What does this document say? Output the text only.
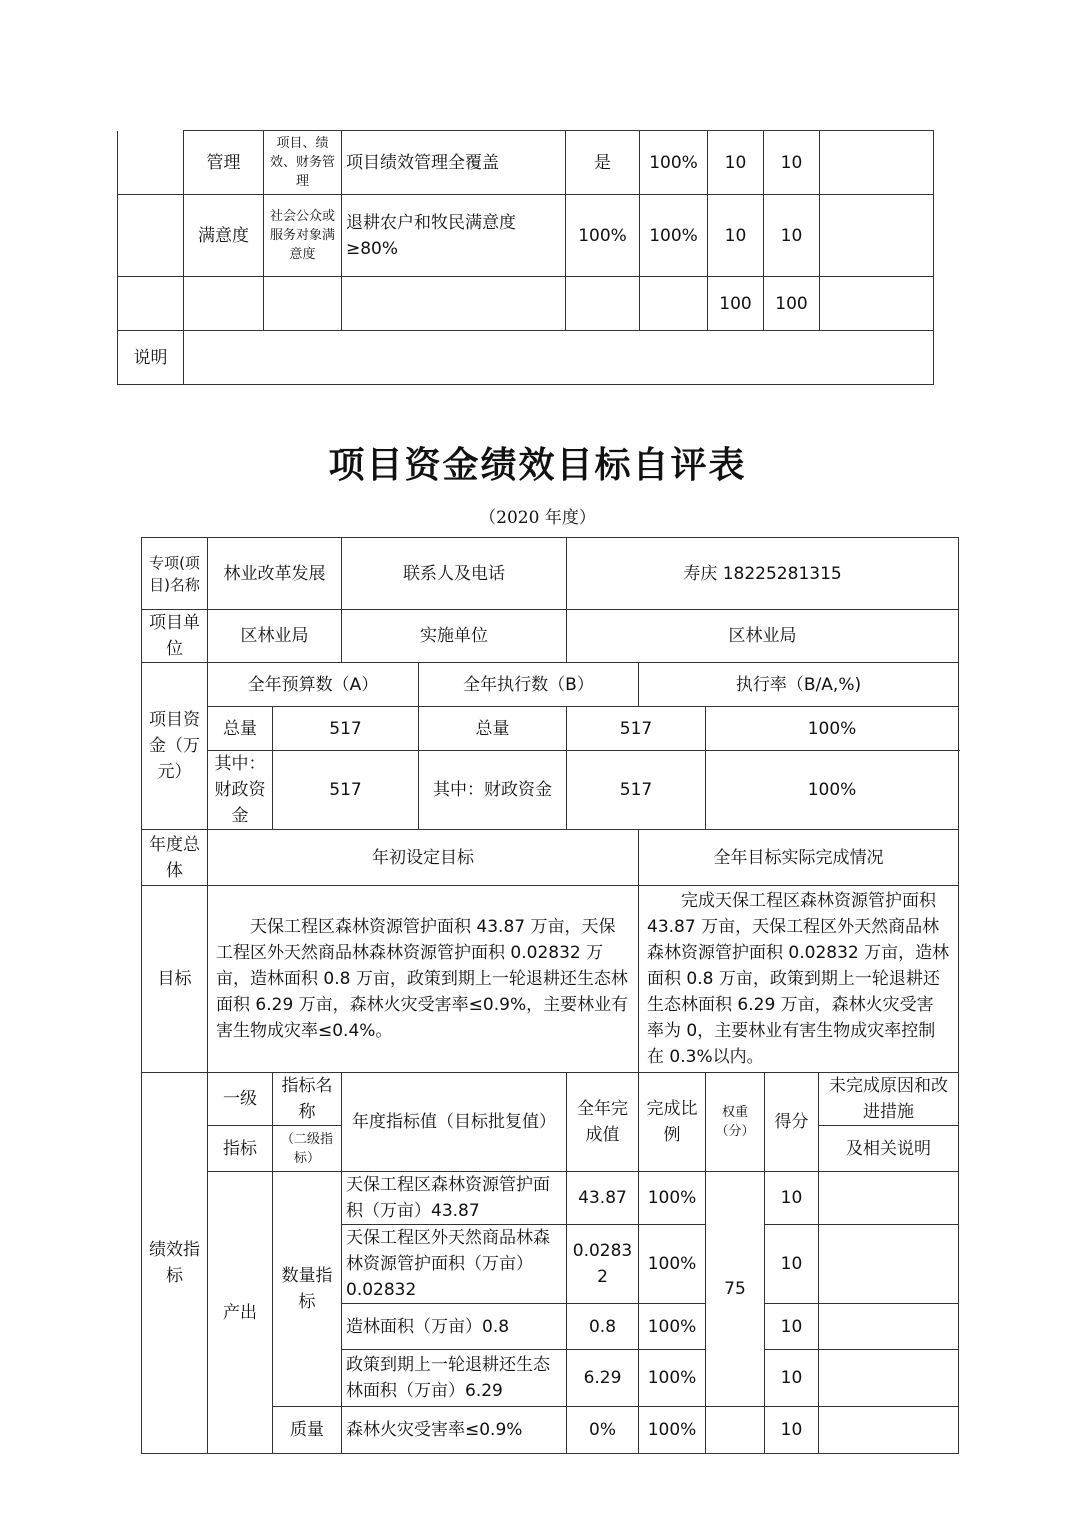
	管理	项目、绩效、财务管理	项目绩效管理全覆盖	是	100%	10	10	
	满意度	社会公众或服务对象满意度	退耕农户和牧民满意度≥80%	100%	100%	10	10	
						100	100	
说明								
项目资金绩效目标自评表
（2020 年度）
专项(项目)名称	林业改革发展		联系人及电话		寿庆 18225281315				
项目单位	区林业局		实施单位		区林业局				
项目资金（万元）	全年预算数（A）			全年执行数（B）		执行率（B/A,%)			
	总量	517		总量	517		100%		
	其中：财政资金	517		其中：财政资金	517		100%		
年度总体	年初设定目标					全年目标实际完成情况			
目标	天保工程区森林资源管护面积 43.87 万亩，天保工程区外天然商品林森林资源管护面积 0.02832 万亩，造林面积 0.8 万亩，政策到期上一轮退耕还生态林面积 6.29 万亩，森林火灾受害率≤0.9%，主要林业有害生物成灾率≤0.4%。					完成天保工程区森林资源管护面积 43.87 万亩，天保工程区外天然商品林森林资源管护面积 0.02832 万亩，造林面积 0.8 万亩，政策到期上一轮退耕还生态林面积 6.29 万亩，森林火灾受害率为 0，主要林业有害生物成灾率控制在 0.3%以内。			
绩效指标	一级	指标名称	年度指标值（目标批复值）		全年完成值	完成比例	权重（分）	得分	未完成原因和改进措施
	指标	（二级指标）							及相关说明
	产出	数量指标	天保工程区森林资源管护面积（万亩）43.87		43.87	100%	75	10	
			天保工程区外天然商品林森林资源管护面积（万亩）0.02832		0.02832	100%		10	
			造林面积（万亩）0.8		0.8	100%		10	
			政策到期上一轮退耕还生态林面积（万亩）6.29		6.29	100%		10	
		质量	森林火灾受害率≤0.9%		0%	100%		10	
